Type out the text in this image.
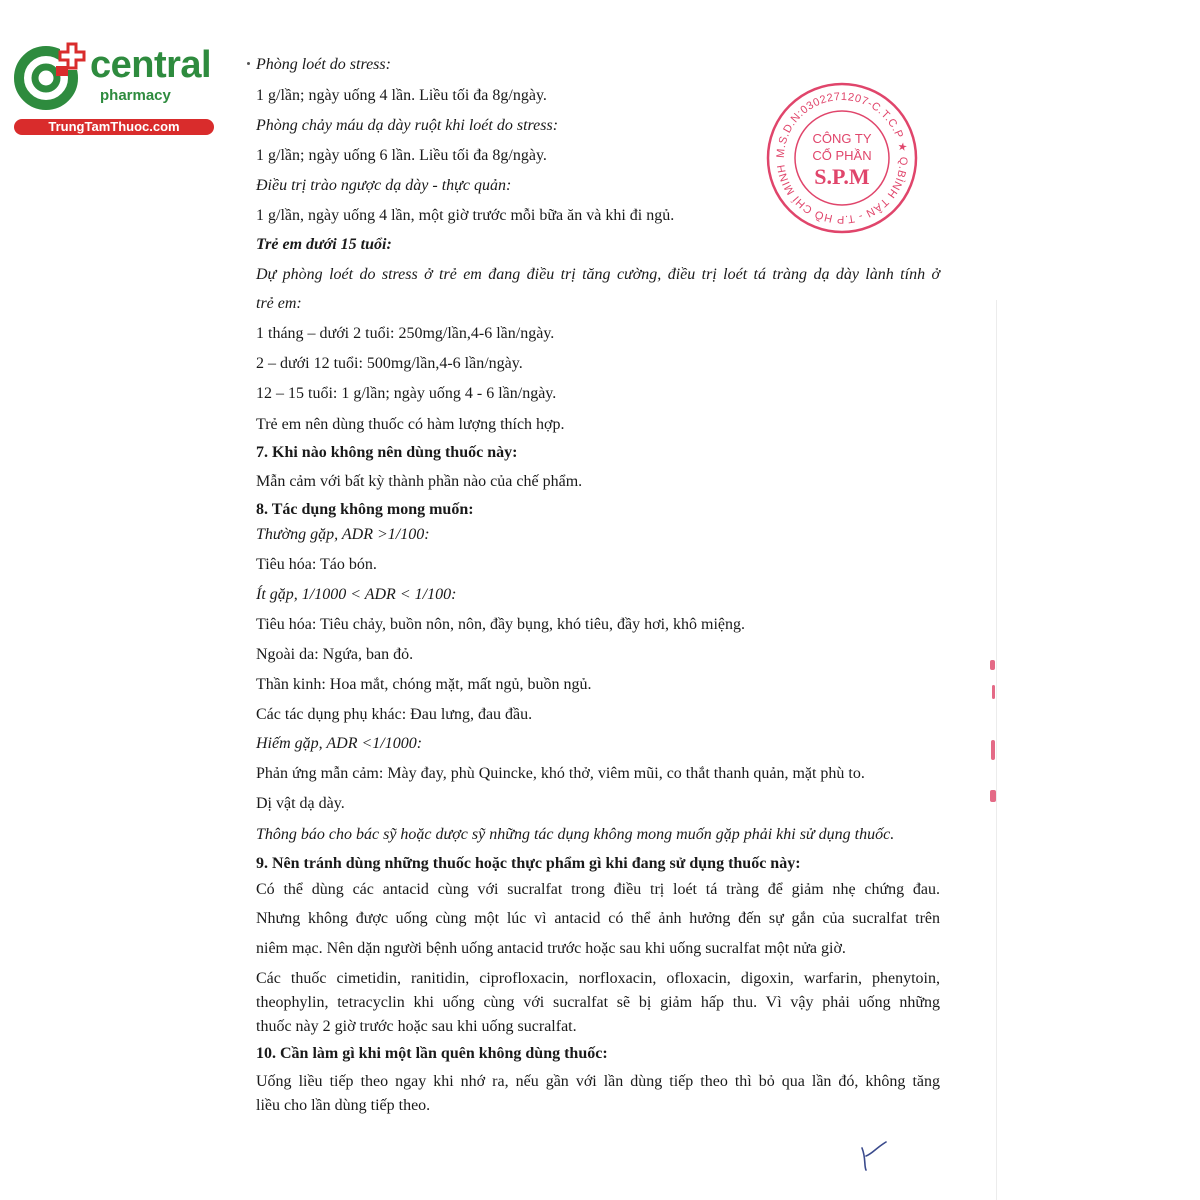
central
pharmacy
TrungTamThuoc.com
M.S.D.N:0302271207-C.T.C.P ★ Q.BÌNH TÂN - T.P HỒ CHÍ MINH
CÔNG TY
CỔ PHẦN
S.P.M
Phòng loét do stress:
1 g/lần; ngày uống 4 lần. Liều tối đa 8g/ngày.
Phòng chảy máu dạ dày ruột khi loét do stress:
1 g/lần; ngày uống 6 lần. Liều tối đa 8g/ngày.
Điều trị trào ngược dạ dày - thực quản:
1 g/lần, ngày uống 4 lần, một giờ trước mỗi bữa ăn và khi đi ngủ.
Trẻ em dưới 15 tuổi:
Dự phòng loét do stress ở trẻ em đang điều trị tăng cường, điều trị loét tá tràng dạ dày lành tính ở
trẻ em:
1 tháng – dưới 2 tuổi: 250mg/lần,4-6 lần/ngày.
2 – dưới 12 tuổi: 500mg/lần,4-6 lần/ngày.
12 – 15 tuổi: 1 g/lần; ngày uống 4 - 6 lần/ngày.
Trẻ em nên dùng thuốc có hàm lượng thích hợp.
7. Khi nào không nên dùng thuốc này:
Mẫn cảm với bất kỳ thành phần nào của chế phẩm.
8. Tác dụng không mong muốn:
Thường gặp, ADR >1/100:
Tiêu hóa: Táo bón.
Ít gặp, 1/1000 < ADR < 1/100:
Tiêu hóa: Tiêu chảy, buồn nôn, nôn, đầy bụng, khó tiêu, đầy hơi, khô miệng.
Ngoài da: Ngứa, ban đỏ.
Thần kinh: Hoa mắt, chóng mặt, mất ngủ, buồn ngủ.
Các tác dụng phụ khác: Đau lưng, đau đầu.
Hiếm gặp, ADR <1/1000:
Phản ứng mẫn cảm: Mày đay, phù Quincke, khó thở, viêm mũi, co thắt thanh quản, mặt phù to.
Dị vật dạ dày.
Thông báo cho bác sỹ hoặc dược sỹ những tác dụng không mong muốn gặp phải khi sử dụng thuốc.
9. Nên tránh dùng những thuốc hoặc thực phẩm gì khi đang sử dụng thuốc này:
Có thể dùng các antacid cùng với sucralfat trong điều trị loét tá tràng để giảm nhẹ chứng đau.
Nhưng không được uống cùng một lúc vì antacid có thể ảnh hưởng đến sự gắn của sucralfat trên
niêm mạc. Nên dặn người bệnh uống antacid trước hoặc sau khi uống sucralfat một nửa giờ.
Các thuốc cimetidin, ranitidin, ciprofloxacin, norfloxacin, ofloxacin, digoxin, warfarin, phenytoin,
theophylin, tetracyclin khi uống cùng với sucralfat sẽ bị giảm hấp thu. Vì vậy phải uống những
thuốc này 2 giờ trước hoặc sau khi uống sucralfat.
10. Cần làm gì khi một lần quên không dùng thuốc:
Uống liều tiếp theo ngay khi nhớ ra, nếu gần với lần dùng tiếp theo thì bỏ qua lần đó, không tăng
liều cho lần dùng tiếp theo.
